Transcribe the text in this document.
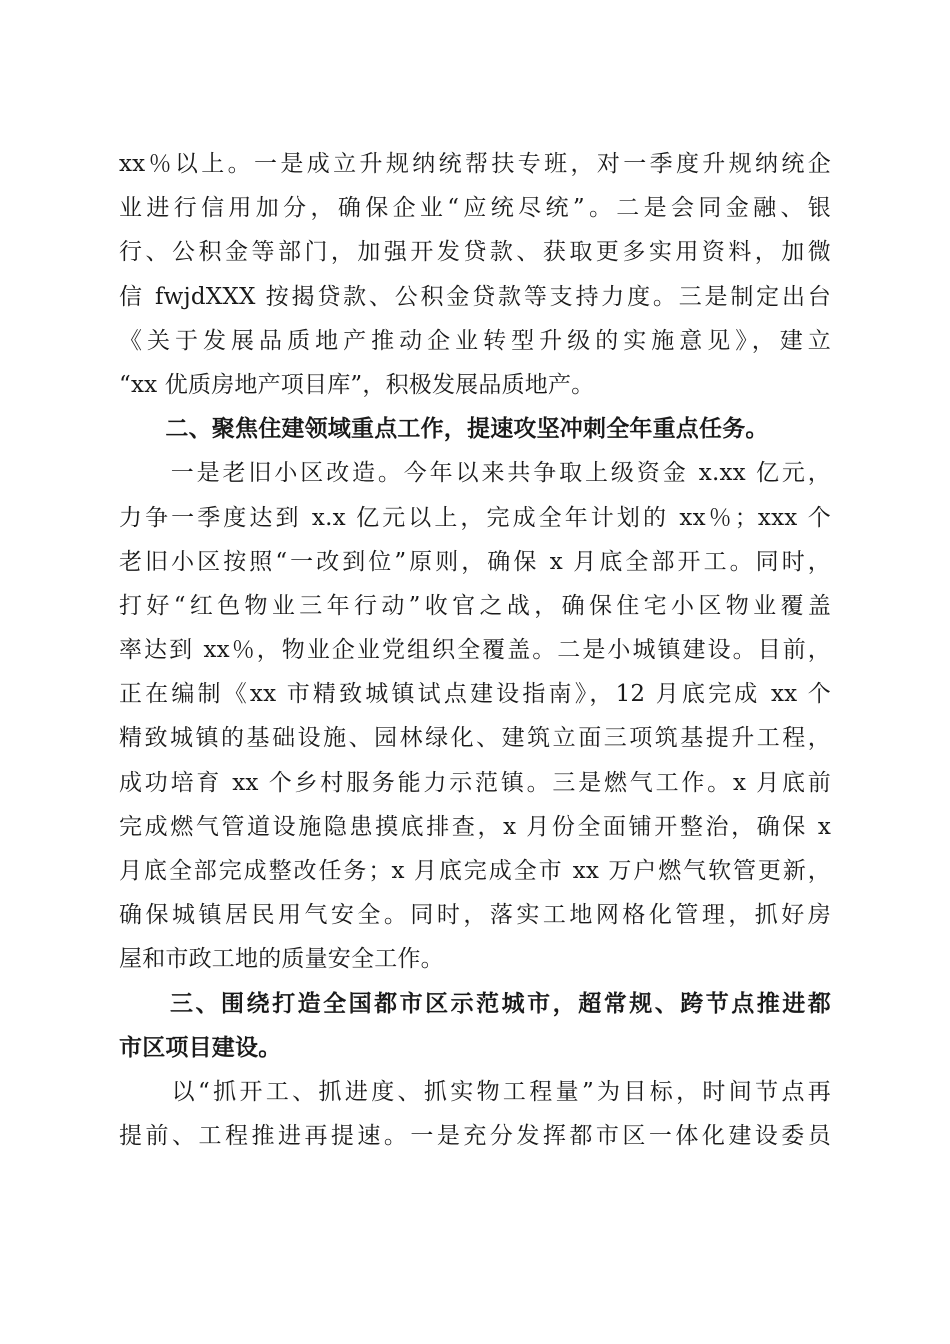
xx％以上。一是成立升规纳统帮扶专班，对一季度升规纳统企
业进行信用加分，确保企业“应统尽统”。二是会同金融、银
行、公积金等部门，加强开发贷款、获取更多实用资料，加微
信 fwjdXXX 按揭贷款、公积金贷款等支持力度。三是制定出台
《关于发展品质地产推动企业转型升级的实施意见》，建立
“xx 优质房地产项目库”，积极发展品质地产。
　　二、聚焦住建领域重点工作，提速攻坚冲刺全年重点任务。
　　一是老旧小区改造。今年以来共争取上级资金 x.xx 亿元，
力争一季度达到 x.x 亿元以上，完成全年计划的 xx％；xxx 个
老旧小区按照“一改到位”原则，确保 x 月底全部开工。同时，
打好“红色物业三年行动”收官之战，确保住宅小区物业覆盖
率达到 xx％，物业企业党组织全覆盖。二是小城镇建设。目前，
正在编制《xx 市精致城镇试点建设指南》，12 月底完成 xx 个
精致城镇的基础设施、园林绿化、建筑立面三项筑基提升工程，
成功培育 xx 个乡村服务能力示范镇。三是燃气工作。x 月底前
完成燃气管道设施隐患摸底排查，x 月份全面铺开整治，确保 x
月底全部完成整改任务；x 月底完成全市 xx 万户燃气软管更新，
确保城镇居民用气安全。同时，落实工地网格化管理，抓好房
屋和市政工地的质量安全工作。
　　三、围绕打造全国都市区示范城市，超常规、跨节点推进都
市区项目建设。
　　以“抓开工、抓进度、抓实物工程量”为目标，时间节点再
提前、工程推进再提速。一是充分发挥都市区一体化建设委员
